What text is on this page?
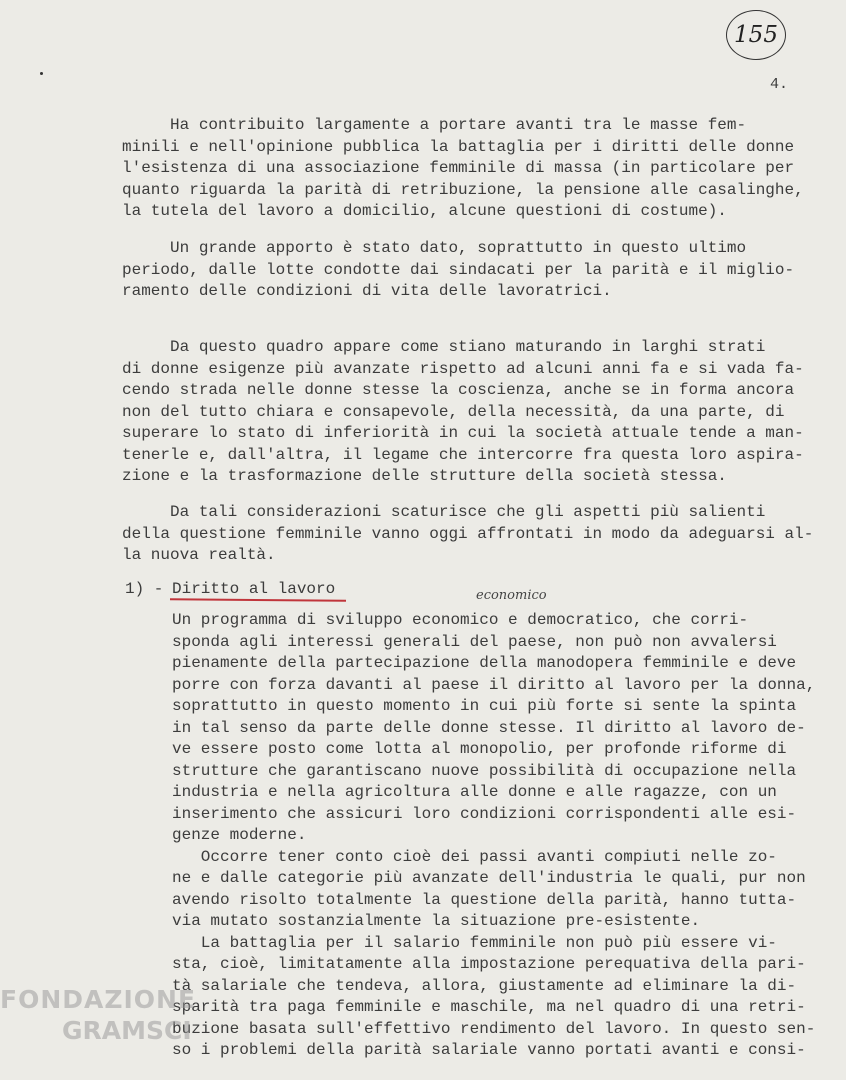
155
4.

Ha contribuito largamente a portare avanti tra le masse fem-
minili e nell'opinione pubblica la battaglia per i diritti delle donne
l'esistenza di una associazione femminile di massa (in particolare per
quanto riguarda la parità di retribuzione, la pensione alle casalinghe,
la tutela del lavoro a domicilio, alcune questioni di costume).

Un grande apporto è stato dato, soprattutto in questo ultimo
periodo, dalle lotte condotte dai sindacati per la parità e il miglio-
ramento delle condizioni di vita delle lavoratrici.

Da questo quadro appare come stiano maturando in larghi strati
di donne esigenze più avanzate rispetto ad alcuni anni fa e si vada fa-
cendo strada nelle donne stesse la coscienza, anche se in forma ancora
non del tutto chiara e consapevole, della necessità, da una parte, di
superare lo stato di inferiorità in cui la società attuale tende a man-
tenerle e, dall'altra, il legame che intercorre fra questa loro aspira-
zione e la trasformazione delle strutture della società stessa.

Da tali considerazioni scaturisce che gli aspetti più salienti
della questione femminile vanno oggi affrontati in modo da adeguarsi al-
la nuova realtà.

1) - Diritto al lavoro	economico

Un programma di sviluppo economico e democratico, che corri-
sponda agli interessi generali del paese, non può non avvalersi
pienamente della partecipazione della manodopera femminile e deve
porre con forza davanti al paese il diritto al lavoro per la donna,
soprattutto in questo momento in cui più forte si sente la spinta
in tal senso da parte delle donne stesse. Il diritto al lavoro de-
ve essere posto come lotta al monopolio, per profonde riforme di
strutture che garantiscano nuove possibilità di occupazione nella
industria e nella agricoltura alle donne e alle ragazze, con un
inserimento che assicuri loro condizioni corrispondenti alle esi-
genze moderne.
Occorre tener conto cioè dei passi avanti compiuti nelle zo-
ne e dalle categorie più avanzate dell'industria le quali, pur non
avendo risolto totalmente la questione della parità, hanno tutta-
via mutato sostanzialmente la situazione pre-esistente.
La battaglia per il salario femminile non può più essere vi-
sta, cioè, limitatamente alla impostazione perequativa della pari-
tà salariale che tendeva, allora, giustamente ad eliminare la di-
sparità tra paga femminile e maschile, ma nel quadro di una retri-
buzione basata sull'effettivo rendimento del lavoro. In questo sen-
so i problemi della parità salariale vanno portati avanti e consi-

FONDAZIONE
GRAMSCI
